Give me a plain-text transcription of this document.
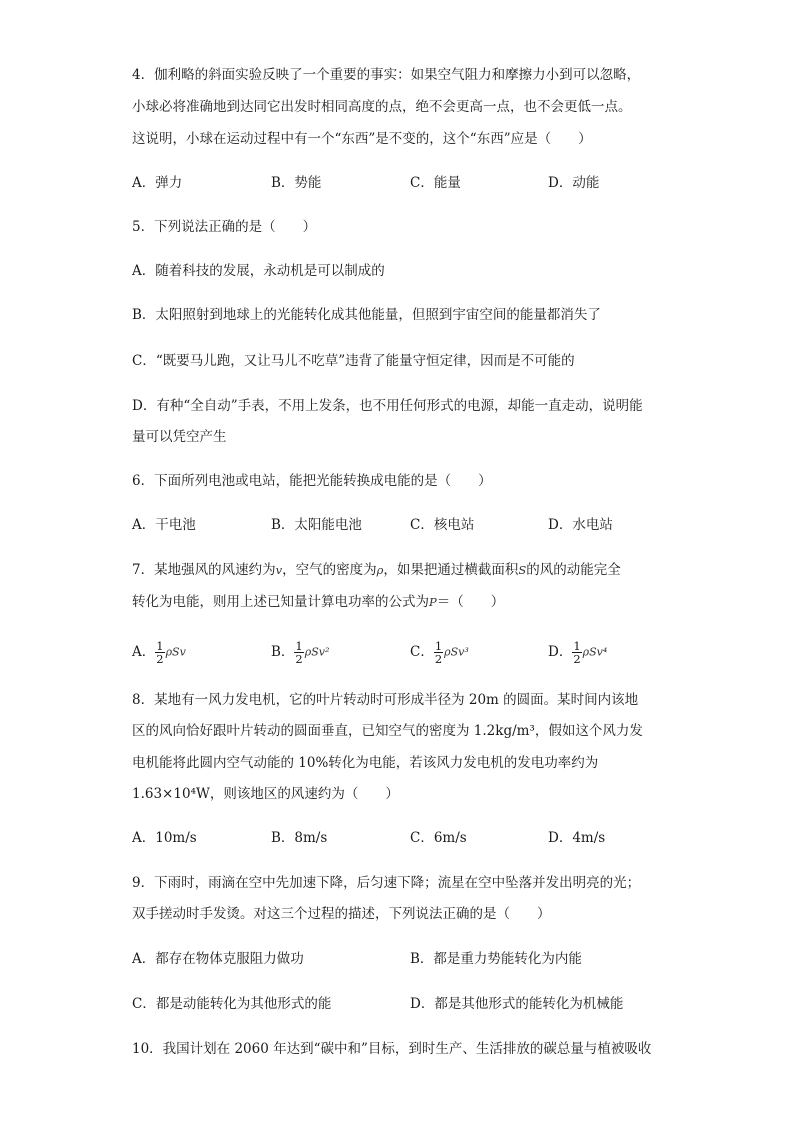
4．伽利略的斜面实验反映了一个重要的事实：如果空气阻力和摩擦力小到可以忽略，
小球必将准确地到达同它出发时相同高度的点，绝不会更高一点，也不会更低一点。
这说明，小球在运动过程中有一个“东西”是不变的，这个“东西”应是（　　）
A．弹力	B．势能	C．能量	D．动能
5．下列说法正确的是（　　）
A．随着科技的发展，永动机是可以制成的
B．太阳照射到地球上的光能转化成其他能量，但照到宇宙空间的能量都消失了
C．“既要马儿跑，又让马儿不吃草”违背了能量守恒定律，因而是不可能的
D．有种“全自动”手表，不用上发条，也不用任何形式的电源，却能一直走动，说明能
量可以凭空产生
6．下面所列电池或电站，能把光能转换成电能的是（　　）
A．干电池	B．太阳能电池	C．核电站	D．水电站
7．某地强风的风速约为v，空气的密度为ρ，如果把通过横截面积S的风的动能完全
转化为电能，则用上述已知量计算电功率的公式为P＝（　　）
A． $\frac{1}{2}$ ρSv	B． $\frac{1}{2} \rho Sv^2$	C． $\frac{1}{2} \rho Sv^3$	D． $\frac{1}{2} \rho Sv^4$
8．某地有一风力发电机，它的叶片转动时可形成半径为 20m 的圆面。某时间内该地
区的风向恰好跟叶片转动的圆面垂直，已知空气的密度为 1.2kg/m³，假如这个风力发
电机能将此圆内空气动能的 10%转化为电能，若该风力发电机的发电功率约为
1.63×10⁴W，则该地区的风速约为（　　）
A．10m/s	B．8m/s	C．6m/s	D．4m/s
9．下雨时，雨滴在空中先加速下降，后匀速下降；流星在空中坠落并发出明亮的光；
双手搓动时手发烫。对这三个过程的描述，下列说法正确的是（　　）
A．都存在物体克服阻力做功	B．都是重力势能转化为内能
C．都是动能转化为其他形式的能	D．都是其他形式的能转化为机械能
10．我国计划在 2060 年达到“碳中和”目标，到时生产、生活排放的碳总量与植被吸收
